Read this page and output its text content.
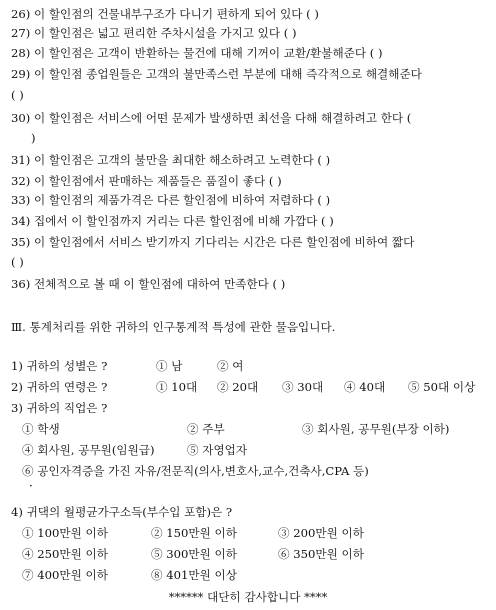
26) 이 할인점의 건물내부구조가 다니기 편하게 되어 있다 ( )
27) 이 할인점은 넓고 편리한 주차시설을 가지고 있다 ( )
28) 이 할인점은 고객이 반환하는 물건에 대해 기꺼이 교환/환불해준다 ( )
29) 이 할인점 종업원들은 고객의 불만족스런 부분에 대해 즉각적으로 해결해준다
( )
30) 이 할인점은 서비스에 어떤 문제가 발생하면 최선을 다해 해결하려고 한다 (
)
31) 이 할인점은 고객의 불만을 최대한 해소하려고 노력한다 ( )
32) 이 할인점에서 판매하는 제품들은 품질이 좋다 ( )
33) 이 할인점의 제품가격은 다른 할인점에 비하여 저렴하다 ( )
34) 집에서 이 할인점까지 거리는 다른 할인점에 비해 가깝다 ( )
35) 이 할인점에서 서비스 받기까지 기다리는 시간은 다른 할인점에 비하여 짧다
( )
36) 전체적으로 볼 때 이 할인점에 대하여 만족한다 ( )
Ⅲ. 통계처리를 위한 귀하의 인구통계적 특성에 관한 물음입니다.
1) 귀하의 성별은 ?	① 남	② 여
2) 귀하의 연령은 ?	① 10대 ② 20대 ③ 30대 ④ 40대 ⑤ 50대 이상
3) 귀하의 직업은 ?
① 학생	② 주부	③ 회사원, 공무원(부장 이하)
④ 회사원, 공무원(임원급)	⑤ 자영업자
⑥ 공인자격증을 가진 자유/전문직(의사,변호사,교수,건축사,CPA 등)
·
4) 귀댁의 월평균가구소득(부수입 포함)은 ?
① 100만원 이하	② 150만원 이하	③ 200만원 이하
④ 250만원 이하	⑤ 300만원 이하	⑥ 350만원 이하
⑦ 400만원 이하	⑧ 401만원 이상
****** 대단히 감사합니다 ****
